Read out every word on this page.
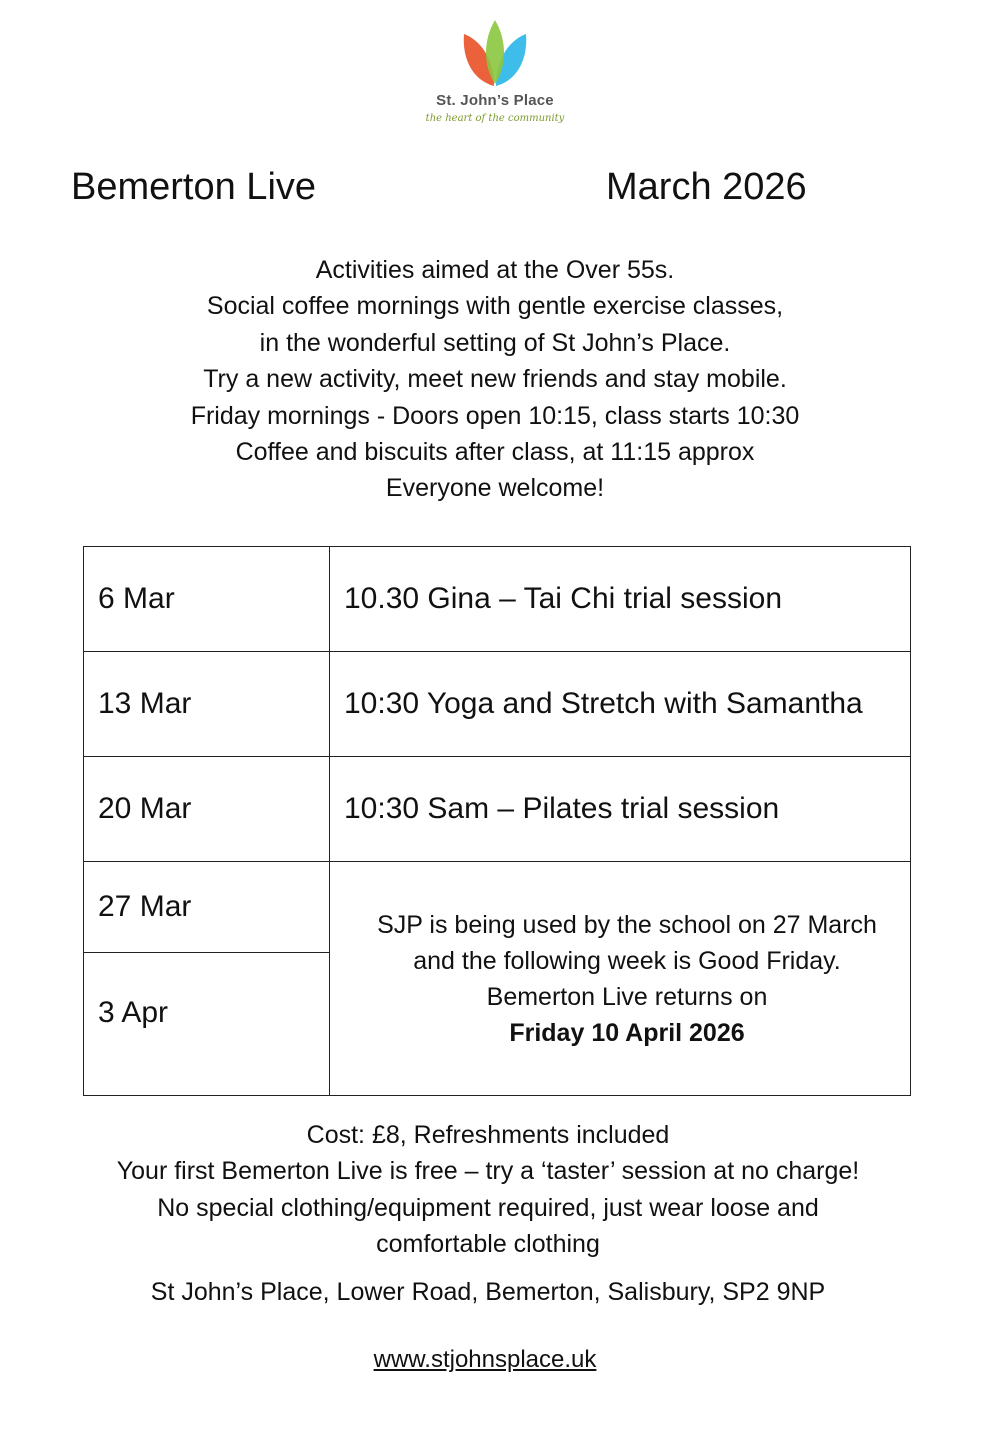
St. John’s Place
the heart of the community
Bemerton Live	March 2026
Activities aimed at the Over 55s.
Social coffee mornings with gentle exercise classes,
in the wonderful setting of St John’s Place.
Try a new activity, meet new friends and stay mobile.
Friday mornings - Doors open 10:15, class starts 10:30
Coffee and biscuits after class, at 11:15 approx
Everyone welcome!
6 Mar	10.30 Gina – Tai Chi trial session
13 Mar	10:30 Yoga and Stretch with Samantha
20 Mar	10:30 Sam – Pilates trial session
27 Mar	SJP is being used by the school on 27 March
and the following week is Good Friday.
Bemerton Live returns on
Friday 10 April 2026

3 Apr	
Cost: £8, Refreshments included
Your first Bemerton Live is free – try a ‘taster’ session at no charge!
No special clothing/equipment required, just wear loose and
comfortable clothing
St John’s Place, Lower Road, Bemerton, Salisbury, SP2 9NP
www.stjohnsplace.uk
